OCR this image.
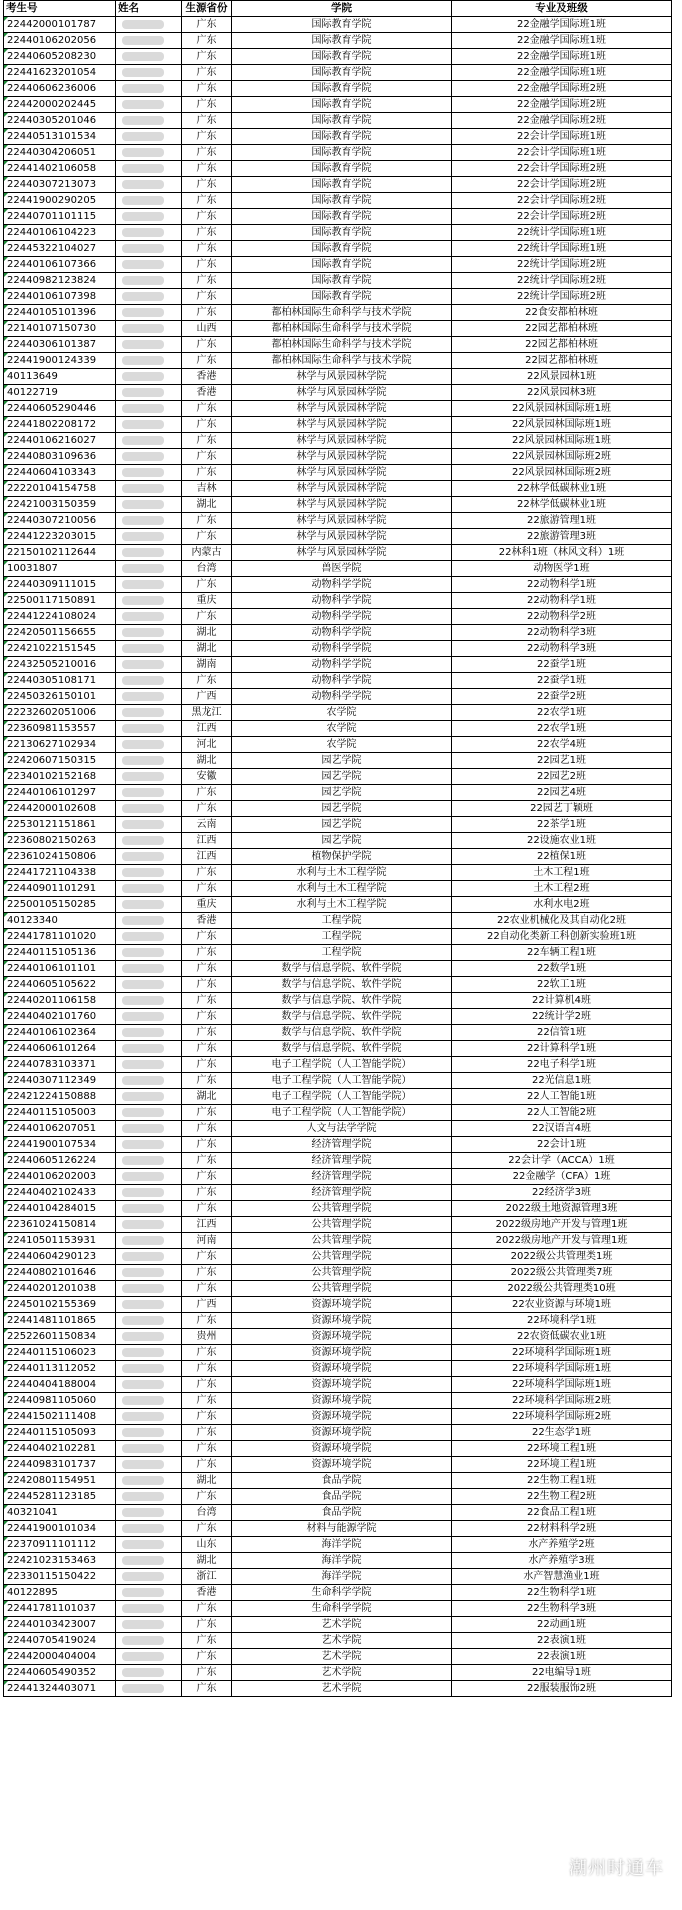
考生号	姓名	生源省份	学院	专业及班级
22442000101787		广东	国际教育学院	22金融学国际班1班
22440106202056		广东	国际教育学院	22金融学国际班1班
22440605208230		广东	国际教育学院	22金融学国际班1班
22441623201054		广东	国际教育学院	22金融学国际班1班
22440606236006		广东	国际教育学院	22金融学国际班2班
22442000202445		广东	国际教育学院	22金融学国际班2班
22440305201046		广东	国际教育学院	22金融学国际班2班
22440513101534		广东	国际教育学院	22会计学国际班1班
22440304206051		广东	国际教育学院	22会计学国际班1班
22441402106058		广东	国际教育学院	22会计学国际班2班
22440307213073		广东	国际教育学院	22会计学国际班2班
22441900290205		广东	国际教育学院	22会计学国际班2班
22440701101115		广东	国际教育学院	22会计学国际班2班
22440106104223		广东	国际教育学院	22统计学国际班1班
22445322104027		广东	国际教育学院	22统计学国际班1班
22440106107366		广东	国际教育学院	22统计学国际班2班
22440982123824		广东	国际教育学院	22统计学国际班2班
22440106107398		广东	国际教育学院	22统计学国际班2班
22440105101396		广东	都柏林国际生命科学与技术学院	22食安都柏林班
22140107150730		山西	都柏林国际生命科学与技术学院	22园艺都柏林班
22440306101387		广东	都柏林国际生命科学与技术学院	22园艺都柏林班
22441900124339		广东	都柏林国际生命科学与技术学院	22园艺都柏林班
40113649		香港	林学与风景园林学院	22风景园林1班
40122719		香港	林学与风景园林学院	22风景园林3班
22440605290446		广东	林学与风景园林学院	22风景园林国际班1班
22441802208172		广东	林学与风景园林学院	22风景园林国际班1班
22440106216027		广东	林学与风景园林学院	22风景园林国际班1班
22440803109636		广东	林学与风景园林学院	22风景园林国际班2班
22440604103343		广东	林学与风景园林学院	22风景园林国际班2班
22220104154758		吉林	林学与风景园林学院	22林学低碳林业1班
22421003150359		湖北	林学与风景园林学院	22林学低碳林业1班
22440307210056		广东	林学与风景园林学院	22旅游管理1班
22441223203015		广东	林学与风景园林学院	22旅游管理3班
22150102112644		内蒙古	林学与风景园林学院	22林科1班（林风文科）1班
10031807		台湾	兽医学院	动物医学1班
22440309111015		广东	动物科学学院	22动物科学1班
22500117150891		重庆	动物科学学院	22动物科学1班
22441224108024		广东	动物科学学院	22动物科学2班
22420501156655		湖北	动物科学学院	22动物科学3班
22421022151545		湖北	动物科学学院	22动物科学3班
22432505210016		湖南	动物科学学院	22蚕学1班
22440305108171		广东	动物科学学院	22蚕学1班
22450326150101		广西	动物科学学院	22蚕学2班
22232602051006		黑龙江	农学院	22农学1班
22360981153557		江西	农学院	22农学1班
22130627102934		河北	农学院	22农学4班
22420607150315		湖北	园艺学院	22园艺1班
22340102152168		安徽	园艺学院	22园艺2班
22440106101297		广东	园艺学院	22园艺4班
22442000102608		广东	园艺学院	22园艺丁颖班
22530121151861		云南	园艺学院	22茶学1班
22360802150263		江西	园艺学院	22设施农业1班
22361024150806		江西	植物保护学院	22植保1班
22441721104338		广东	水利与土木工程学院	土木工程1班
22440901101291		广东	水利与土木工程学院	土木工程2班
22500105150285		重庆	水利与土木工程学院	水利水电2班
40123340		香港	工程学院	22农业机械化及其自动化2班
22441781101020		广东	工程学院	22自动化类新工科创新实验班1班
22440115105136		广东	工程学院	22车辆工程1班
22440106101101		广东	数学与信息学院、软件学院	22数学1班
22440605105622		广东	数学与信息学院、软件学院	22软工1班
22440201106158		广东	数学与信息学院、软件学院	22计算机4班
22440402101760		广东	数学与信息学院、软件学院	22统计学2班
22440106102364		广东	数学与信息学院、软件学院	22信管1班
22440606101264		广东	数学与信息学院、软件学院	22计算科学1班
22440783103371		广东	电子工程学院（人工智能学院）	22电子科学1班
22440307112349		广东	电子工程学院（人工智能学院）	22光信息1班
22421224150888		湖北	电子工程学院（人工智能学院）	22人工智能1班
22440115105003		广东	电子工程学院（人工智能学院）	22人工智能2班
22440106207051		广东	人文与法学学院	22汉语言4班
22441900107534		广东	经济管理学院	22会计1班
22440605126224		广东	经济管理学院	22会计学（ACCA）1班
22440106202003		广东	经济管理学院	22金融学（CFA）1班
22440402102433		广东	经济管理学院	22经济学3班
22440104284015		广东	公共管理学院	2022级土地资源管理3班
22361024150814		江西	公共管理学院	2022级房地产开发与管理1班
22410501153931		河南	公共管理学院	2022级房地产开发与管理1班
22440604290123		广东	公共管理学院	2022级公共管理类1班
22440802101646		广东	公共管理学院	2022级公共管理类7班
22440201201038		广东	公共管理学院	2022级公共管理类10班
22450102155369		广西	资源环境学院	22农业资源与环境1班
22441481101865		广东	资源环境学院	22环境科学1班
22522601150834		贵州	资源环境学院	22农资低碳农业1班
22440115106023		广东	资源环境学院	22环境科学国际班1班
22440113112052		广东	资源环境学院	22环境科学国际班1班
22440404188004		广东	资源环境学院	22环境科学国际班1班
22440981105060		广东	资源环境学院	22环境科学国际班2班
22441502111408		广东	资源环境学院	22环境科学国际班2班
22440115105093		广东	资源环境学院	22生态学1班
22440402102281		广东	资源环境学院	22环境工程1班
22440983101737		广东	资源环境学院	22环境工程1班
22420801154951		湖北	食品学院	22生物工程1班
22445281123185		广东	食品学院	22生物工程2班
40321041		台湾	食品学院	22食品工程1班
22441900101034		广东	材料与能源学院	22材料科学2班
22370911101112		山东	海洋学院	水产养殖学2班
22421023153463		湖北	海洋学院	水产养殖学3班
22330115150422		浙江	海洋学院	水产智慧渔业1班
40122895		香港	生命科学学院	22生物科学1班
22441781101037		广东	生命科学学院	22生物科学3班
22440103423007		广东	艺术学院	22动画1班
22440705419024		广东	艺术学院	22表演1班
22442000404004		广东	艺术学院	22表演1班
22440605490352		广东	艺术学院	22电编导1班
22441324403071		广东	艺术学院	22服装服饰2班
潮州时通车
